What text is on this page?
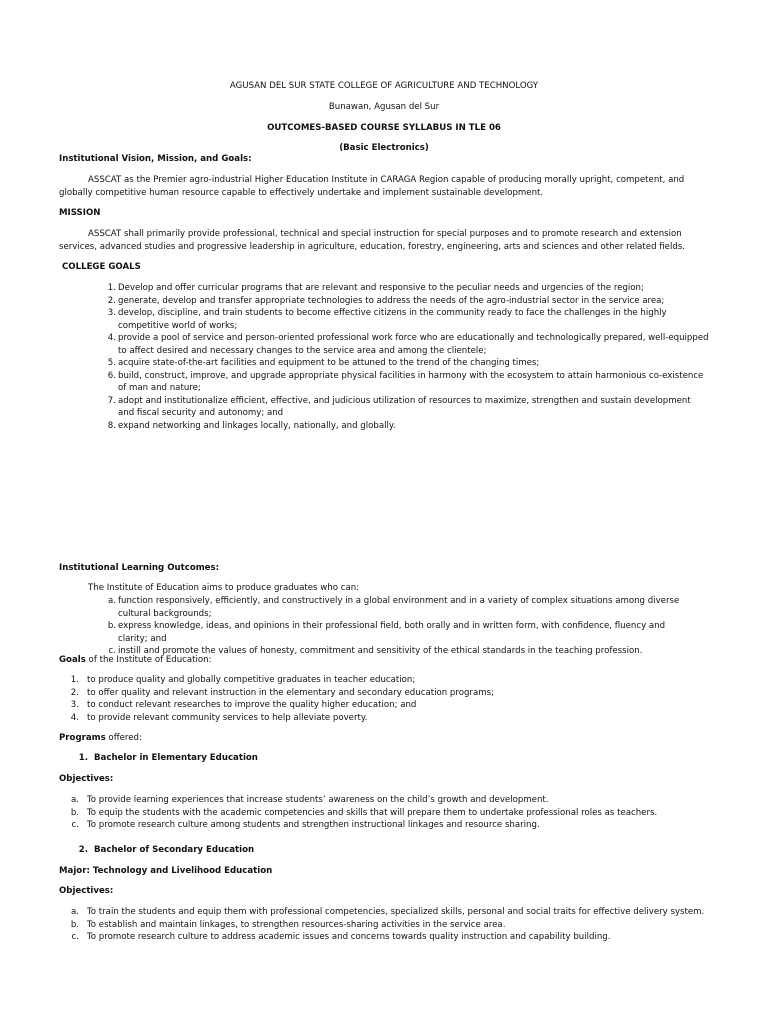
AGUSAN DEL SUR STATE COLLEGE OF AGRICULTURE AND TECHNOLOGY
Bunawan, Agusan del Sur
OUTCOMES-BASED COURSE SYLLABUS IN TLE 06
(Basic Electronics)
Institutional Vision, Mission, and Goals:
ASSCAT as the Premier agro-industrial Higher Education Institute in CARAGA Region capable of producing morally upright, competent, and globally competitive human resource capable to effectively undertake and implement sustainable development.
MISSION
ASSCAT shall primarily provide professional, technical and special instruction for special purposes and to promote research and extension services, advanced studies and progressive leadership in agriculture, education, forestry, engineering, arts and sciences and other related fields.
COLLEGE GOALS
1. Develop and offer curricular programs that are relevant and responsive to the peculiar needs and urgencies of the region;
2. generate, develop and transfer appropriate technologies to address the needs of the agro-industrial sector in the service area;
3. develop, discipline, and train students to become effective citizens in the community ready to face the challenges in the highly competitive world of works;
4. provide a pool of service and person-oriented professional work force who are educationally and technologically prepared, well-equipped to affect desired and necessary changes to the service area and among the clientele;
5. acquire state-of-the-art facilities and equipment to be attuned to the trend of the changing times;
6. build, construct, improve, and upgrade appropriate physical facilities in harmony with the ecosystem to attain harmonious co-existence of man and nature;
7. adopt and institutionalize efficient, effective, and judicious utilization of resources to maximize, strengthen and sustain development and fiscal security and autonomy; and
8. expand networking and linkages locally, nationally, and globally.
Institutional Learning Outcomes:
The Institute of Education aims to produce graduates who can:
a. function responsively, efficiently, and constructively in a global environment and in a variety of complex situations among diverse cultural backgrounds;
b. express knowledge, ideas, and opinions in their professional field, both orally and in written form, with confidence, fluency and clarity; and
c. instill and promote the values of honesty, commitment and sensitivity of the ethical standards in the teaching profession.
Goals of the Institute of Education:
1. to produce quality and globally competitive graduates in teacher education;
2. to offer quality and relevant instruction in the elementary and secondary education programs;
3. to conduct relevant researches to improve the quality higher education; and
4. to provide relevant community services to help alleviate poverty.
Programs offered:
1. Bachelor in Elementary Education
Objectives:
a. To provide learning experiences that increase students’ awareness on the child’s growth and development.
b. To equip the students with the academic competencies and skills that will prepare them to undertake professional roles as teachers.
c. To promote research culture among students and strengthen instructional linkages and resource sharing.
2. Bachelor of Secondary Education
Major: Technology and Livelihood Education
Objectives:
a. To train the students and equip them with professional competencies, specialized skills, personal and social traits for effective delivery system.
b. To establish and maintain linkages, to strengthen resources-sharing activities in the service area.
c. To promote research culture to address academic issues and concerns towards quality instruction and capability building.
